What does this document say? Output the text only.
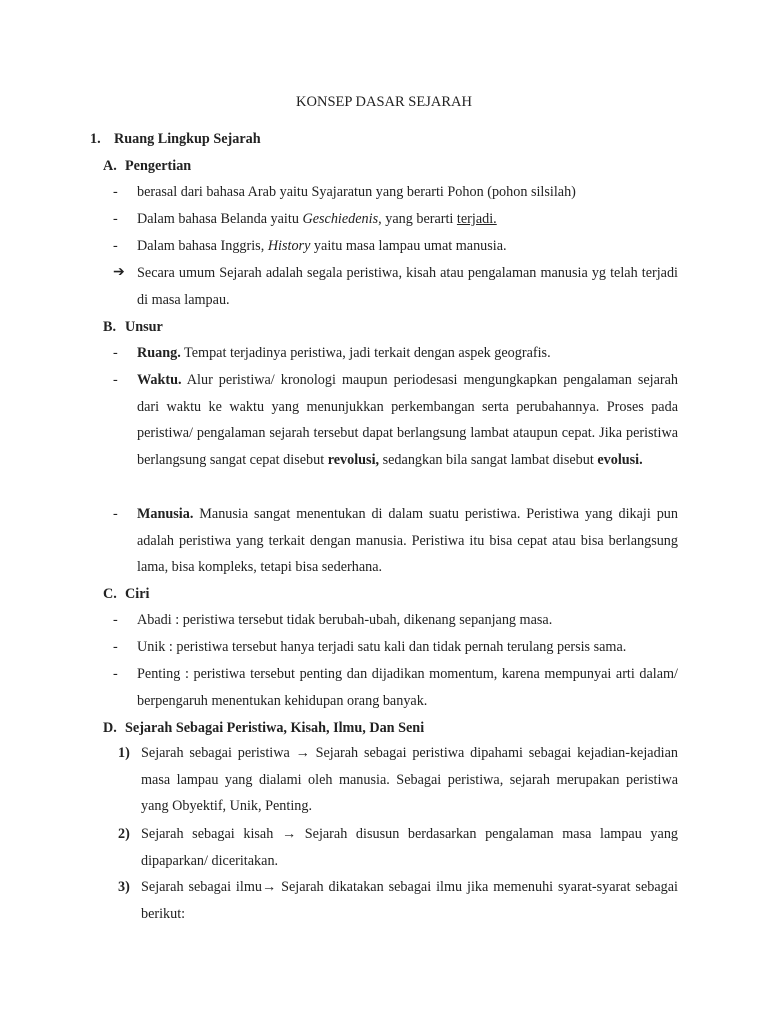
KONSEP DASAR SEJARAH
1. Ruang Lingkup Sejarah
A. Pengertian
- berasal dari bahasa Arab yaitu Syajaratun yang berarti Pohon (pohon silsilah)
- Dalam bahasa Belanda yaitu Geschiedenis, yang berarti terjadi.
- Dalam bahasa Inggris, History yaitu masa lampau umat manusia.
➔ Secara umum Sejarah adalah segala peristiwa, kisah atau pengalaman manusia yg telah terjadi di masa lampau.
B. Unsur
- Ruang. Tempat terjadinya peristiwa, jadi terkait dengan aspek geografis.
- Waktu. Alur peristiwa/ kronologi maupun periodesasi mengungkapkan pengalaman sejarah dari waktu ke waktu yang menunjukkan perkembangan serta perubahannya. Proses pada peristiwa/ pengalaman sejarah tersebut dapat berlangsung lambat ataupun cepat. Jika peristiwa berlangsung sangat cepat disebut revolusi, sedangkan bila sangat lambat disebut evolusi.
- Manusia. Manusia sangat menentukan di dalam suatu peristiwa. Peristiwa yang dikaji pun adalah peristiwa yang terkait dengan manusia. Peristiwa itu bisa cepat atau bisa berlangsung lama, bisa kompleks, tetapi bisa sederhana.
C. Ciri
- Abadi : peristiwa tersebut tidak berubah-ubah, dikenang sepanjang masa.
- Unik : peristiwa tersebut hanya terjadi satu kali dan tidak pernah terulang persis sama.
- Penting : peristiwa tersebut penting dan dijadikan momentum, karena mempunyai arti dalam/ berpengaruh menentukan kehidupan orang banyak.
D. Sejarah Sebagai Peristiwa, Kisah, Ilmu, Dan Seni
1) Sejarah sebagai peristiwa → Sejarah sebagai peristiwa dipahami sebagai kejadian-kejadian masa lampau yang dialami oleh manusia. Sebagai peristiwa, sejarah merupakan peristiwa yang Obyektif, Unik, Penting.
2) Sejarah sebagai kisah → Sejarah disusun berdasarkan pengalaman masa lampau yang dipaparkan/ diceritakan.
3) Sejarah sebagai ilmu→ Sejarah dikatakan sebagai ilmu jika memenuhi syarat-syarat sebagai berikut:
